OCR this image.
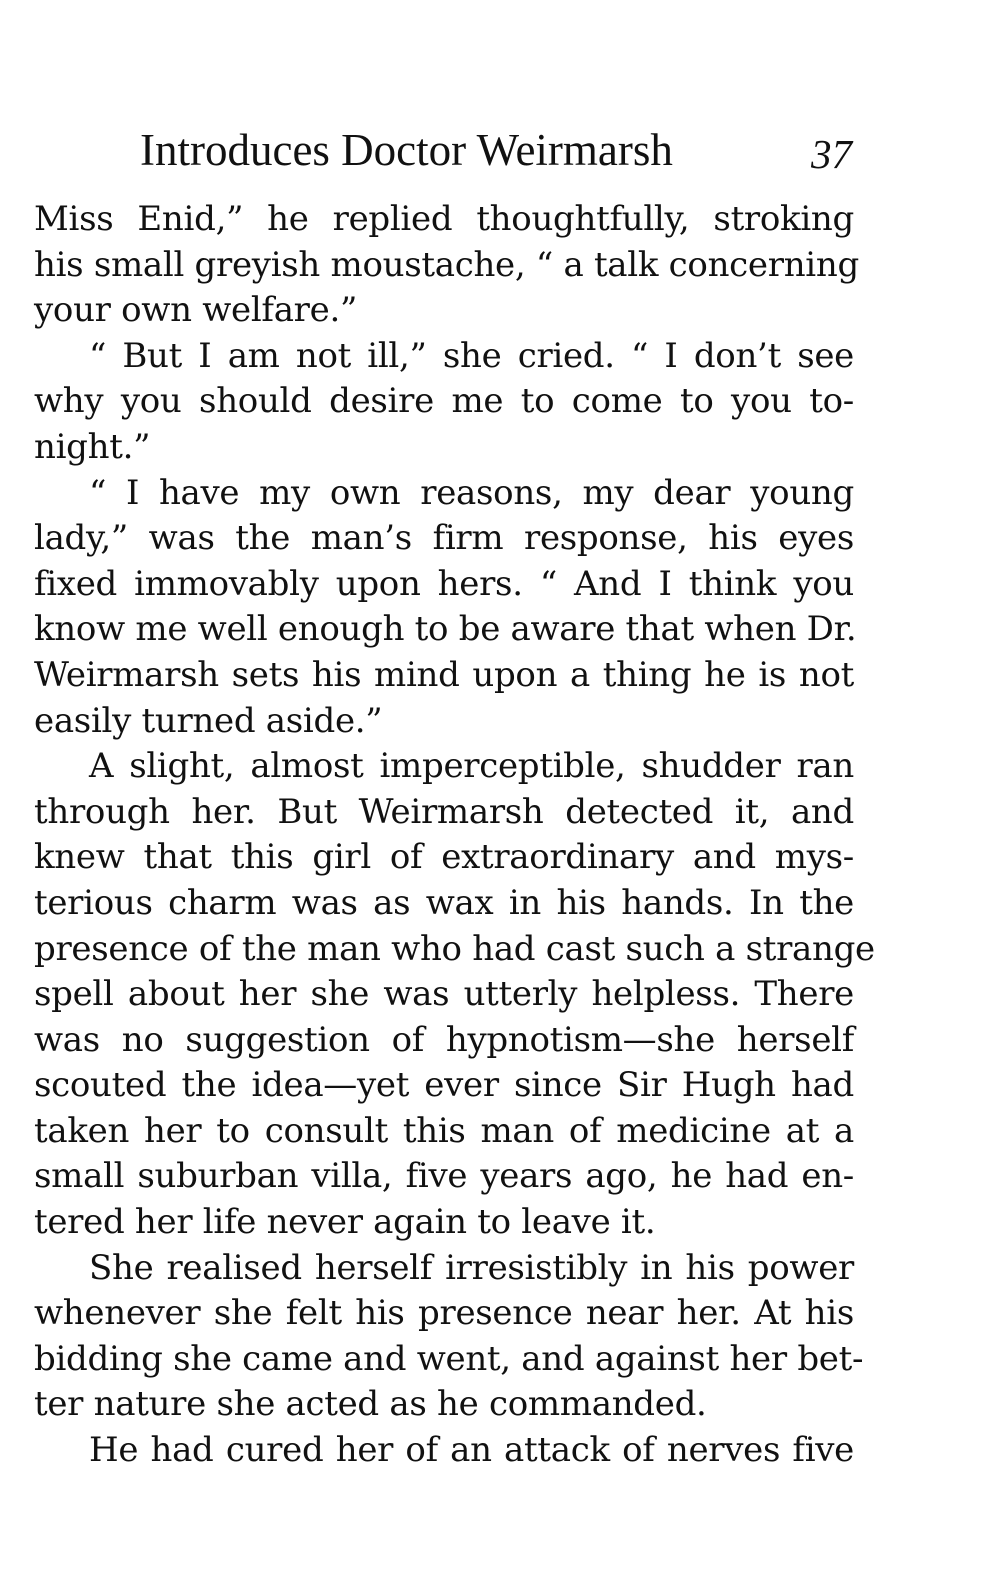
Introduces Doctor Weirmarsh	37
Miss Enid,” he replied thoughtfully, stroking
his small greyish moustache, “ a talk concerning
your own welfare.”
“ But I am not ill,” she cried. “ I don’t see
why you should desire me to come to you to-
night.”
“ I have my own reasons, my dear young
lady,” was the man’s firm response, his eyes
fixed immovably upon hers. “ And I think you
know me well enough to be aware that when Dr.
Weirmarsh sets his mind upon a thing he is not
easily turned aside.”
A slight, almost imperceptible, shudder ran
through her. But Weirmarsh detected it, and
knew that this girl of extraordinary and mys-
terious charm was as wax in his hands. In the
presence of the man who had cast such a strange
spell about her she was utterly helpless. There
was no suggestion of hypnotism—she herself
scouted the idea—yet ever since Sir Hugh had
taken her to consult this man of medicine at a
small suburban villa, five years ago, he had en-
tered her life never again to leave it.
She realised herself irresistibly in his power
whenever she felt his presence near her. At his
bidding she came and went, and against her bet-
ter nature she acted as he commanded.
He had cured her of an attack of nerves five
